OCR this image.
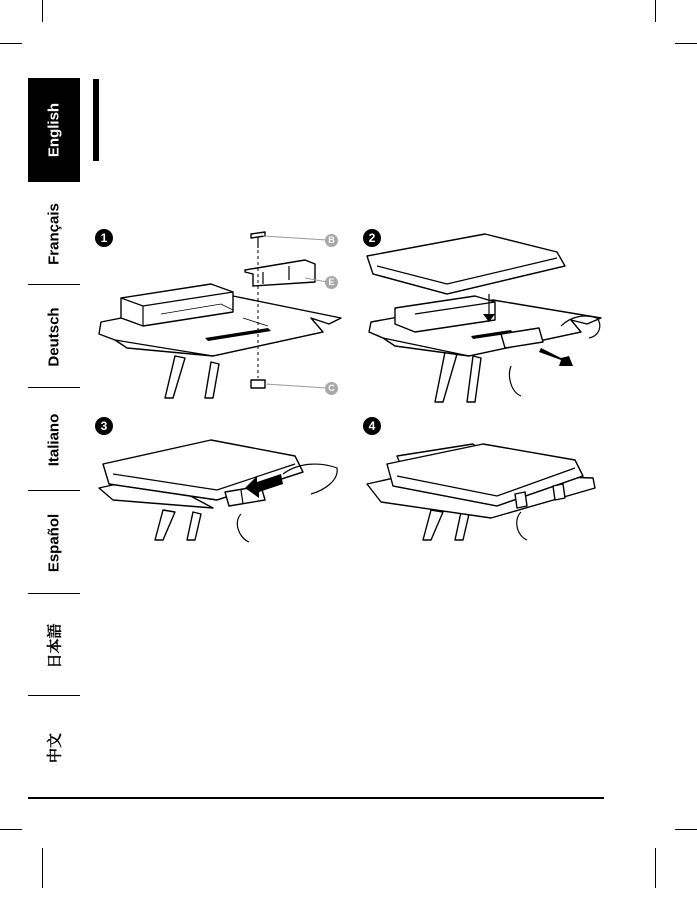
English
Français
Deutsch
Italiano
Español
日本語
中文
1	B
E
C
2
3	4
